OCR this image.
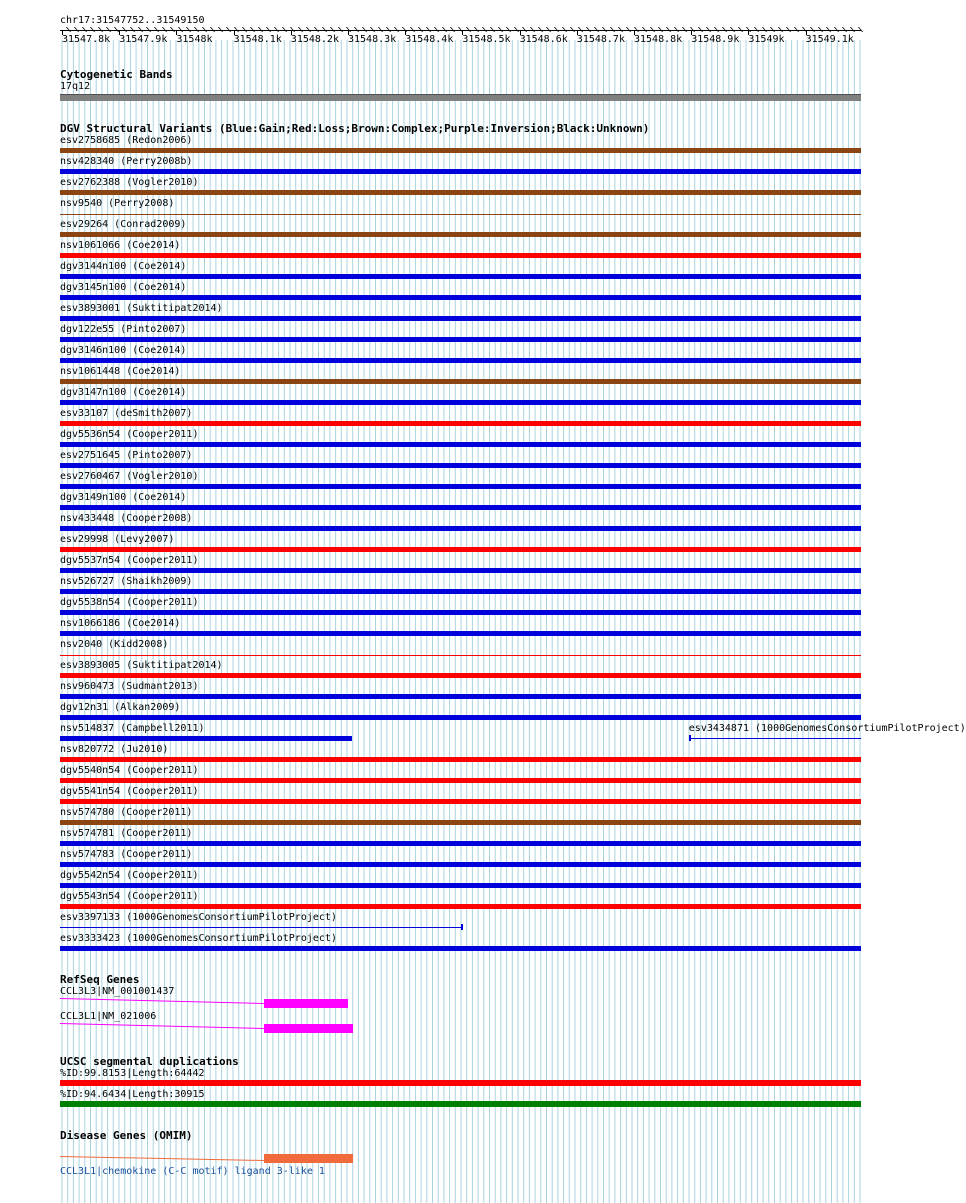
chr17:31547752..31549150
31547.8k 31547.9k 31548k 31548.1k 31548.2k 31548.3k 31548.4k 31548.5k 31548.6k 31548.7k 31548.8k 31548.9k 31549k 31549.1k
Cytogenetic Bands
17q12
DGV Structural Variants (Blue:Gain;Red:Loss;Brown:Complex;Purple:Inversion;Black:Unknown)
esv2758685 (Redon2006)
nsv428340 (Perry2008b)
esv2762388 (Vogler2010)
nsv9540 (Perry2008)
esv29264 (Conrad2009)
nsv1061066 (Coe2014)
dgv3144n100 (Coe2014)
dgv3145n100 (Coe2014)
esv3893001 (Suktitipat2014)
dgv122e55 (Pinto2007)
dgv3146n100 (Coe2014)
nsv1061448 (Coe2014)
dgv3147n100 (Coe2014)
esv33107 (deSmith2007)
dgv5536n54 (Cooper2011)
esv2751645 (Pinto2007)
esv2760467 (Vogler2010)
dgv3149n100 (Coe2014)
nsv433448 (Cooper2008)
esv29998 (Levy2007)
dgv5537n54 (Cooper2011)
nsv526727 (Shaikh2009)
dgv5538n54 (Cooper2011)
nsv1066186 (Coe2014)
nsv2040 (Kidd2008)
esv3893005 (Suktitipat2014)
nsv960473 (Sudmant2013)
dgv12n31 (Alkan2009)
nsv514837 (Campbell2011)	esv3434871 (1000GenomesConsortiumPilotProject)
nsv820772 (Ju2010)
dgv5540n54 (Cooper2011)
dgv5541n54 (Cooper2011)
nsv574780 (Cooper2011)
nsv574781 (Cooper2011)
nsv574783 (Cooper2011)
dgv5542n54 (Cooper2011)
dgv5543n54 (Cooper2011)
esv3397133 (1000GenomesConsortiumPilotProject)
esv3333423 (1000GenomesConsortiumPilotProject)
RefSeq Genes
CCL3L3|NM_001001437
CCL3L1|NM_021006
UCSC segmental duplications
%ID:99.8153|Length:64442
%ID:94.6434|Length:30915
Disease Genes (OMIM)
CCL3L1|chemokine (C-C motif) ligand 3-like 1
